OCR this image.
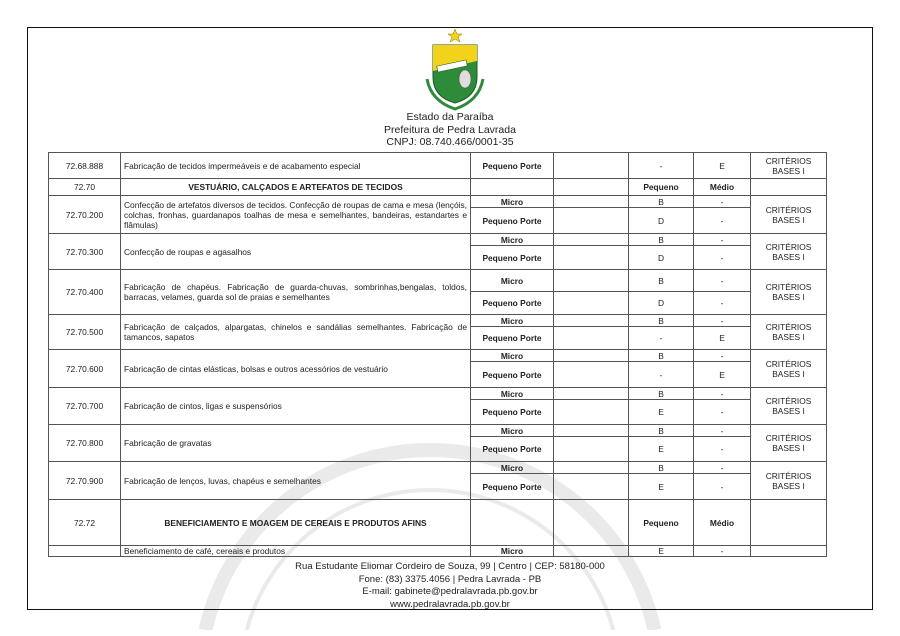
Estado da Paraíba
Prefeitura de Pedra Lavrada
CNPJ: 08.740.466/0001-35
72.68.888	Fabricação de tecidos impermeáveis e de acabamento especial	Pequeno Porte		-	E	CRITÉRIOS BASES I
72.70	VESTUÁRIO, CALÇADOS E ARTEFATOS DE TECIDOS			Pequeno	Médio	
72.70.200	Confecção de artefatos diversos de tecidos. Confecção de roupas de cama e mesa (lençóis, colchas, fronhas, guardanapos toalhas de mesa e semelhantes, bandeiras, estandartes e flâmulas)	Micro		B	-	CRITÉRIOS BASES I
		Pequeno Porte		D	-	
72.70.300	Confecção de roupas e agasalhos	Micro		B	-	CRITÉRIOS BASES I
		Pequeno Porte		D	-	
72.70.400	Fabricação de chapéus. Fabricação de guarda-chuvas, sombrinhas,bengalas, toldos, barracas, velames, guarda sol de praias e semelhantes	Micro		B	-	CRITÉRIOS BASES I
		Pequeno Porte		D	-	
72.70.500	Fabricação de calçados, alpargatas, chinelos e sandálias semelhantes. Fabricação de tamancos, sapatos	Micro		B	-	CRITÉRIOS BASES I
		Pequeno Porte		-	E	
72.70.600	Fabricação de cintas elásticas, bolsas e outros acessórios de vestuário	Micro		B	-	CRITÉRIOS BASES I
		Pequeno Porte		-	E	
72.70.700	Fabricação de cintos, ligas e suspensórios	Micro		B	-	CRITÉRIOS BASES I
		Pequeno Porte		E	-	
72.70.800	Fabricação de gravatas	Micro		B	-	CRITÉRIOS BASES I
		Pequeno Porte		E	-	
72.70.900	Fabricação de lenços, luvas, chapéus e semelhantes	Micro		B	-	CRITÉRIOS BASES I
		Pequeno Porte		E	-	
72.72	BENEFICIAMENTO E MOAGEM DE CEREAIS E PRODUTOS AFINS			Pequeno	Médio	
	Beneficiamento de café, cereais e produtos	Micro		E	-	
Rua Estudante Eliomar Cordeiro de Souza, 99 | Centro | CEP: 58180-000
Fone: (83) 3375.4056 | Pedra Lavrada - PB
E-mail: gabinete@pedralavrada.pb.gov.br
www.pedralavrada.pb.gov.br
